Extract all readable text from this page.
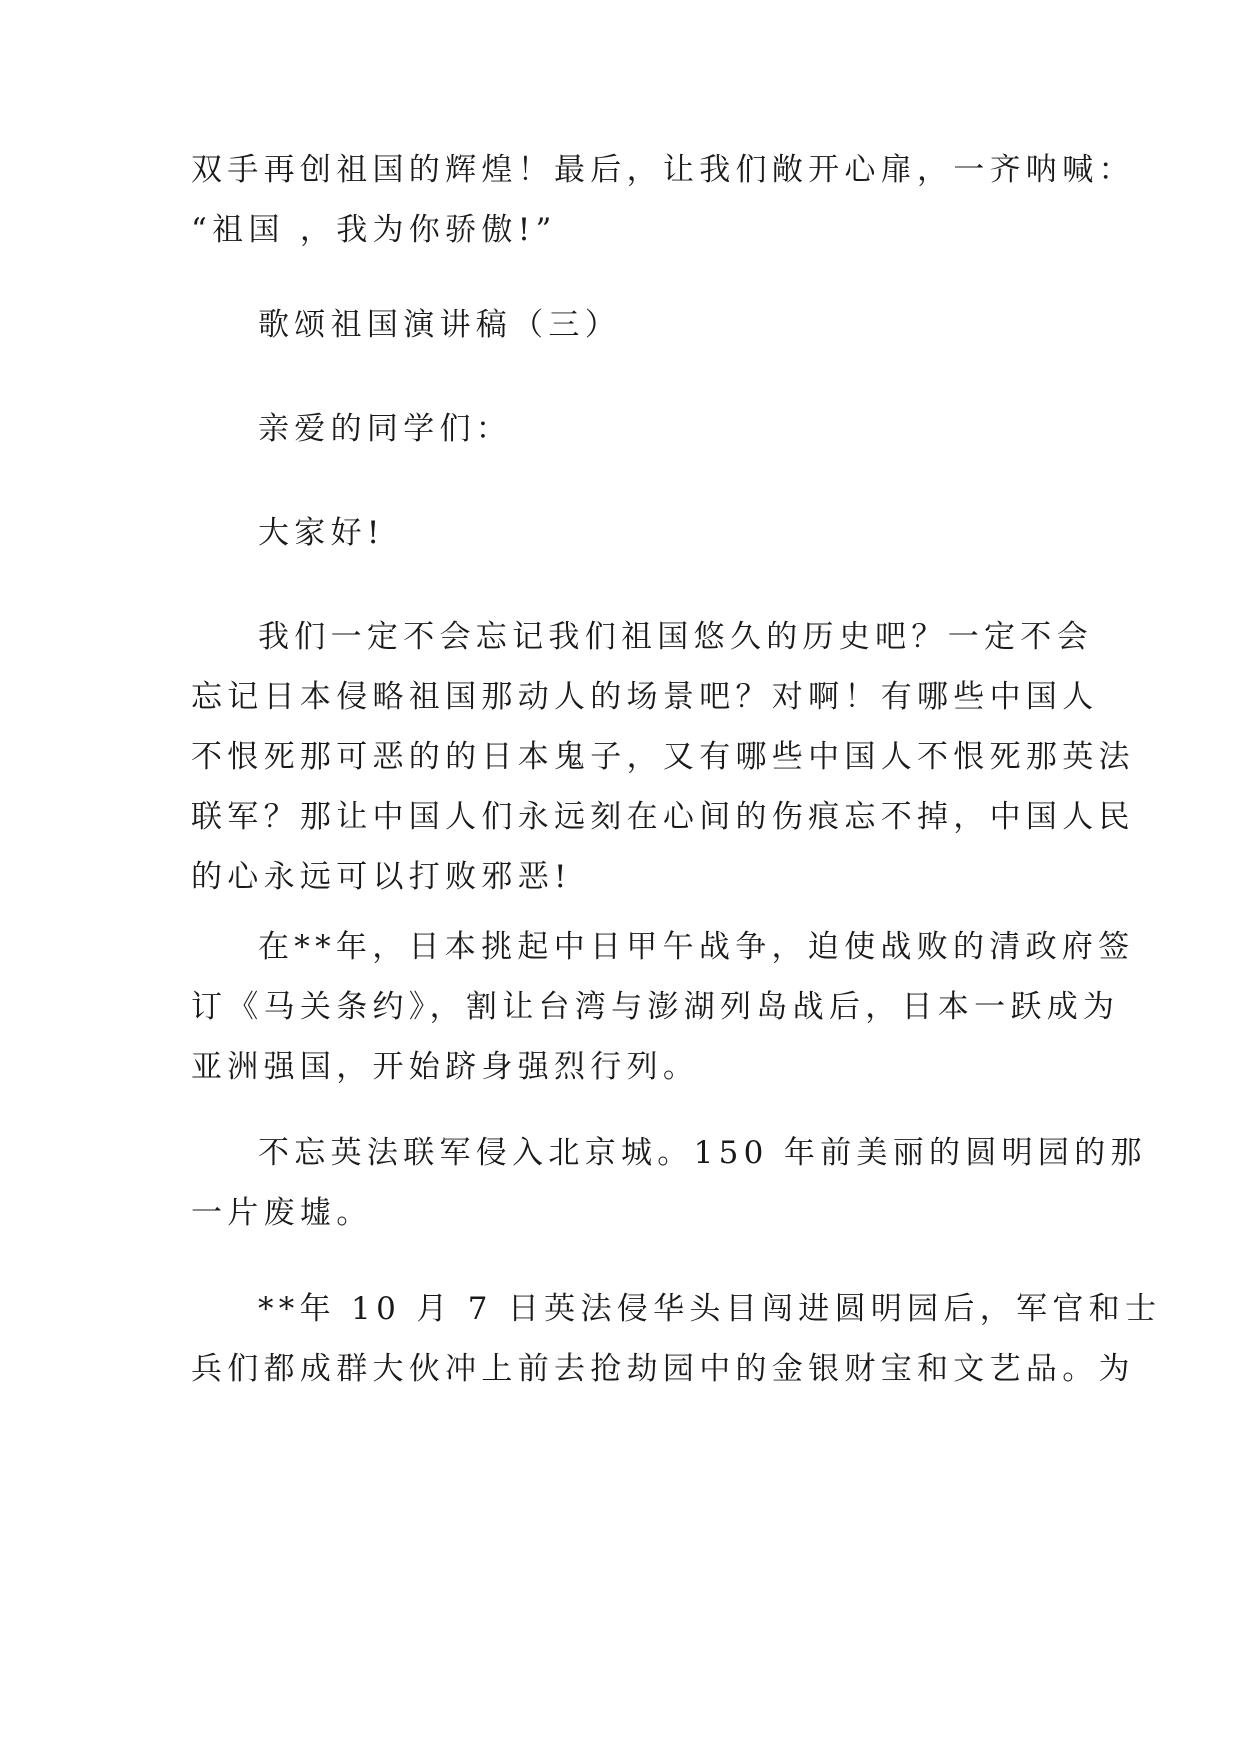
双手再创祖国的辉煌！最后，让我们敞开心扉，一齐呐喊：
“祖国 ，我为你骄傲!”
歌颂祖国演讲稿（三）
亲爱的同学们：
大家好!
我们一定不会忘记我们祖国悠久的历史吧？一定不会
忘记日本侵略祖国那动人的场景吧？对啊！有哪些中国人
不恨死那可恶的的日本鬼子，又有哪些中国人不恨死那英法
联军？那让中国人们永远刻在心间的伤痕忘不掉，中国人民
的心永远可以打败邪恶!
在**年，日本挑起中日甲午战争，迫使战败的清政府签
订《马关条约》，割让台湾与澎湖列岛战后，日本一跃成为
亚洲强国，开始跻身强烈行列。
不忘英法联军侵入北京城。150 年前美丽的圆明园的那
一片废墟。
**年 10 月 7 日英法侵华头目闯进圆明园后，军官和士
兵们都成群大伙冲上前去抢劫园中的金银财宝和文艺品。为
